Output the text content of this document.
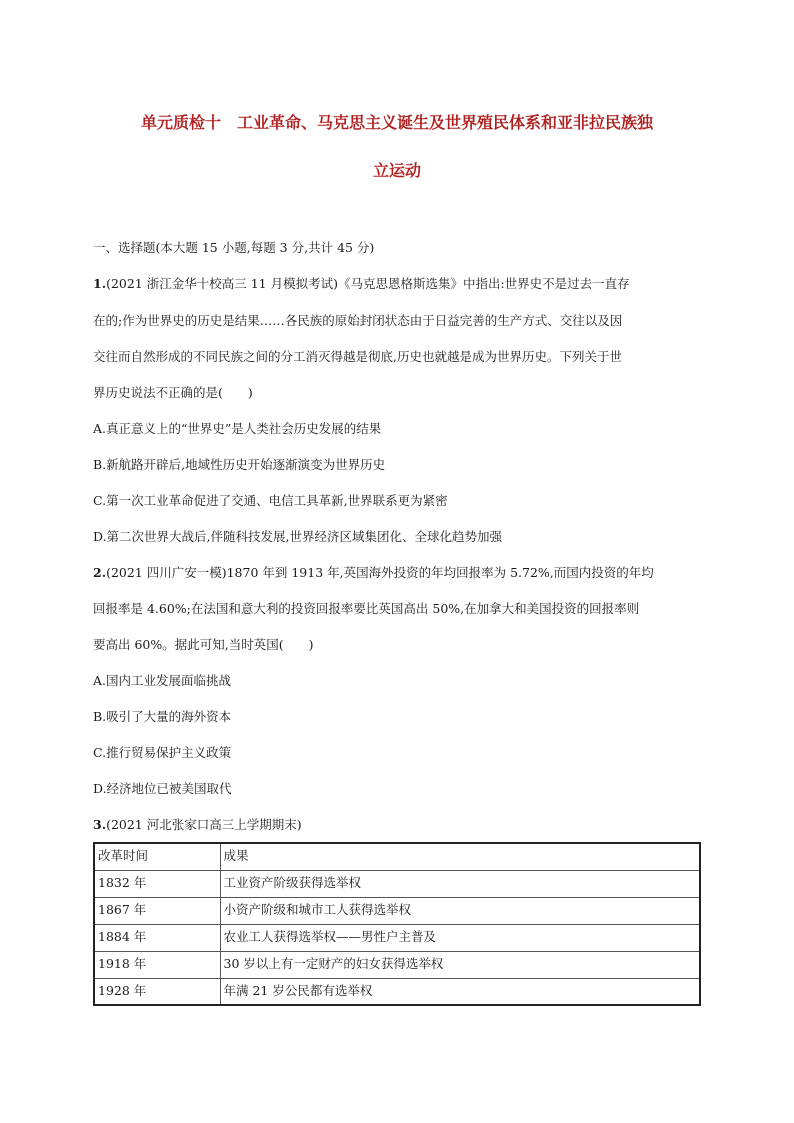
单元质检十　工业革命、马克思主义诞生及世界殖民体系和亚非拉民族独
立运动
一、选择题(本大题 15 小题,每题 3 分,共计 45 分)
1.(2021 浙江金华十校高三 11 月模拟考试)《马克思恩格斯选集》中指出:世界史不是过去一直存
在的;作为世界史的历史是结果……各民族的原始封闭状态由于日益完善的生产方式、交往以及因
交往而自然形成的不同民族之间的分工消灭得越是彻底,历史也就越是成为世界历史。下列关于世
界历史说法不正确的是(　　)
A.真正意义上的“世界史”是人类社会历史发展的结果
B.新航路开辟后,地域性历史开始逐渐演变为世界历史
C.第一次工业革命促进了交通、电信工具革新,世界联系更为紧密
D.第二次世界大战后,伴随科技发展,世界经济区域集团化、全球化趋势加强
2.(2021 四川广安一模)1870 年到 1913 年,英国海外投资的年均回报率为 5.72%,而国内投资的年均
回报率是 4.60%;在法国和意大利的投资回报率要比英国高出 50%,在加拿大和美国投资的回报率则
要高出 60%。据此可知,当时英国(　　)
A.国内工业发展面临挑战
B.吸引了大量的海外资本
C.推行贸易保护主义政策
D.经济地位已被美国取代
3.(2021 河北张家口高三上学期期末)
改革时间	成果
1832 年	工业资产阶级获得选举权
1867 年	小资产阶级和城市工人获得选举权
1884 年	农业工人获得选举权——男性户主普及
1918 年	30 岁以上有一定财产的妇女获得选举权
1928 年	年满 21 岁公民都有选举权
